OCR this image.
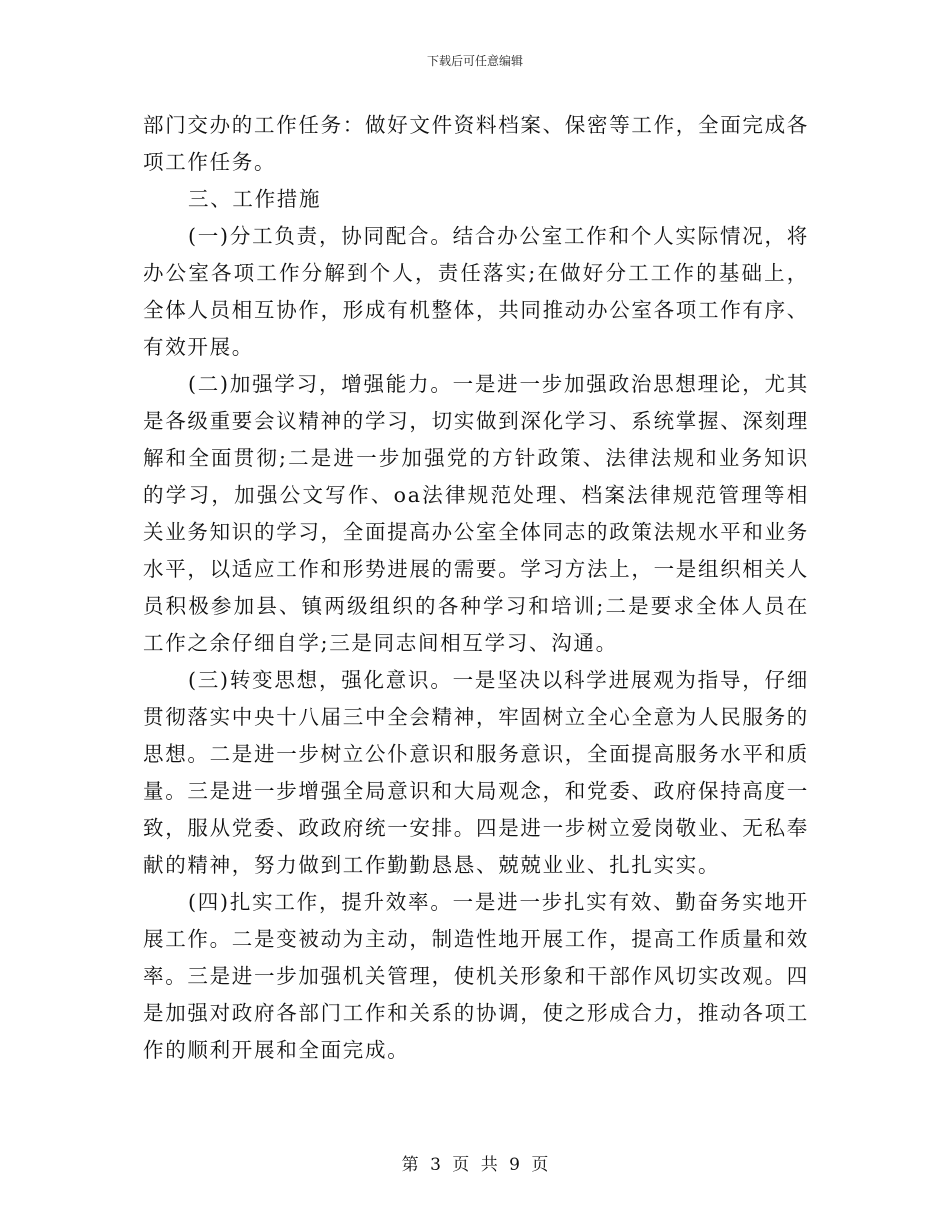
下载后可任意编辑

部门交办的工作任务：做好文件资料档案、保密等工作，全面完成各项工作任务。

三、工作措施

(一)分工负责，协同配合。结合办公室工作和个人实际情况，将办公室各项工作分解到个人，责任落实;在做好分工工作的基础上，全体人员相互协作，形成有机整体，共同推动办公室各项工作有序、有效开展。

(二)加强学习，增强能力。一是进一步加强政治思想理论，尤其是各级重要会议精神的学习，切实做到深化学习、系统掌握、深刻理解和全面贯彻;二是进一步加强党的方针政策、法律法规和业务知识的学习，加强公文写作、oa法律规范处理、档案法律规范管理等相关业务知识的学习，全面提高办公室全体同志的政策法规水平和业务水平，以适应工作和形势进展的需要。学习方法上，一是组织相关人员积极参加县、镇两级组织的各种学习和培训;二是要求全体人员在工作之余仔细自学;三是同志间相互学习、沟通。

(三)转变思想，强化意识。一是坚决以科学进展观为指导，仔细贯彻落实中央十八届三中全会精神，牢固树立全心全意为人民服务的思想。二是进一步树立公仆意识和服务意识，全面提高服务水平和质量。三是进一步增强全局意识和大局观念，和党委、政府保持高度一致，服从党委、政政府统一安排。四是进一步树立爱岗敬业、无私奉献的精神，努力做到工作勤勤恳恳、兢兢业业、扎扎实实。

(四)扎实工作，提升效率。一是进一步扎实有效、勤奋务实地开展工作。二是变被动为主动，制造性地开展工作，提高工作质量和效率。三是进一步加强机关管理，使机关形象和干部作风切实改观。四是加强对政府各部门工作和关系的协调，使之形成合力，推动各项工作的顺利开展和全面完成。

第 3 页 共 9 页
